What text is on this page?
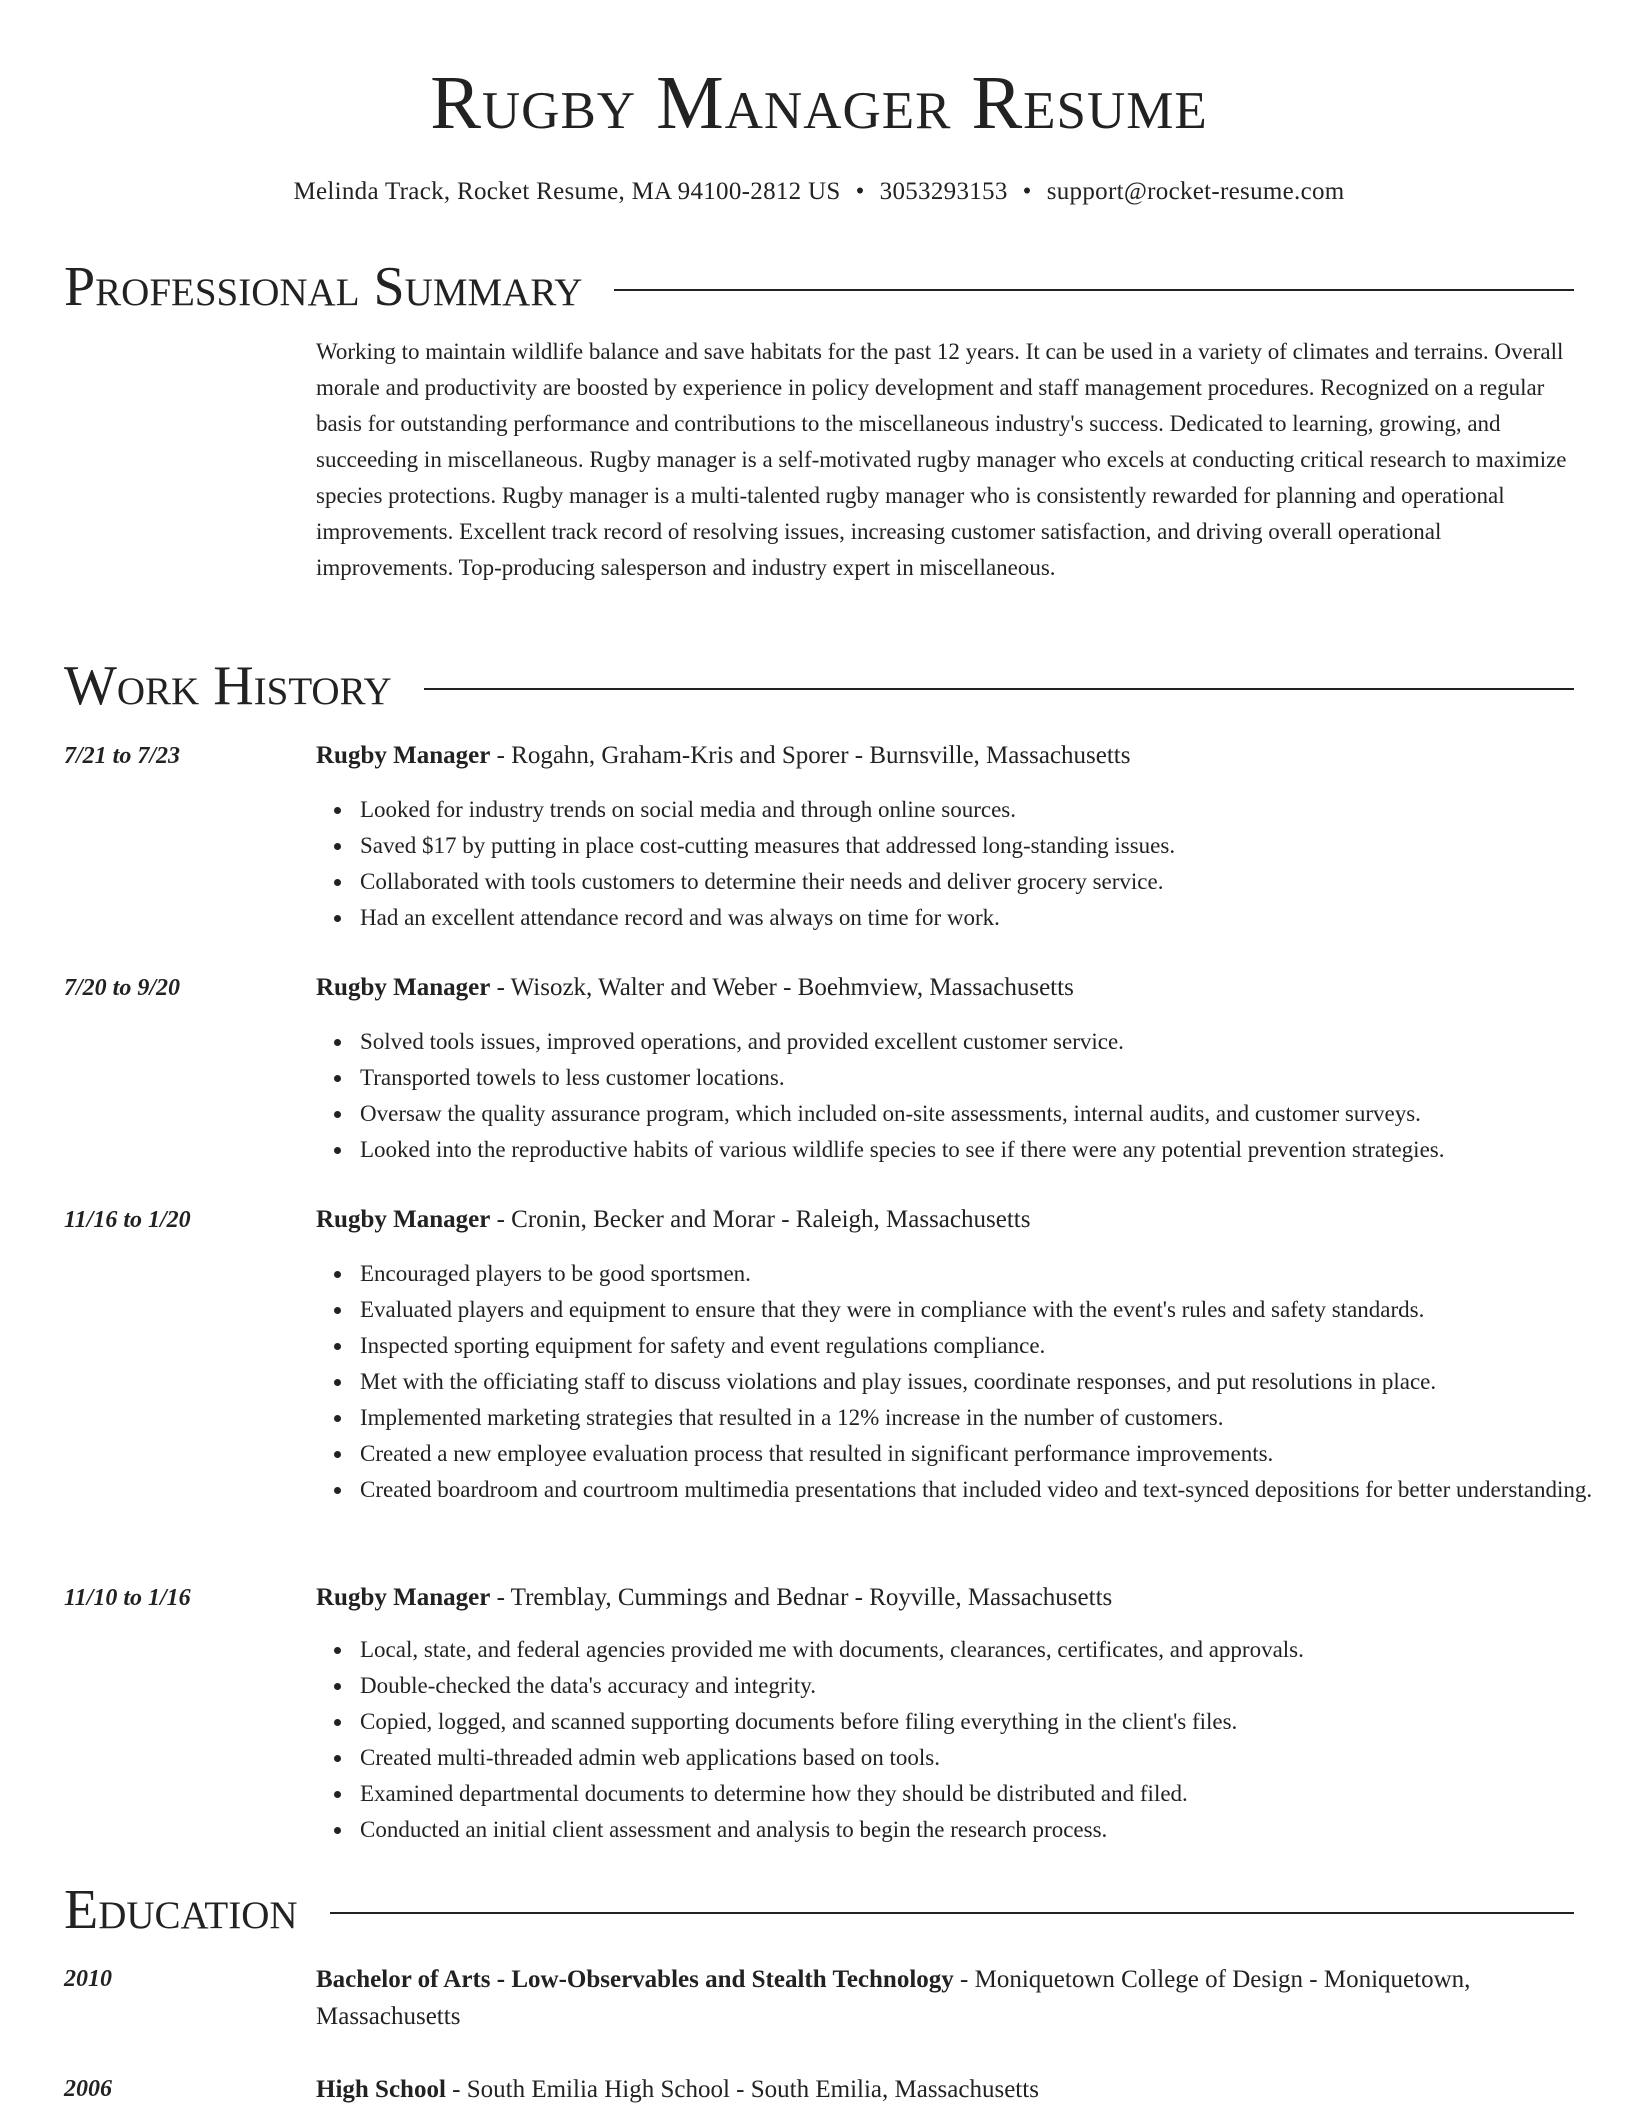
Rugby Manager Resume
Melinda Track, Rocket Resume, MA 94100-2812 US • 3053293153 • support@rocket-resume.com
Professional Summary
Working to maintain wildlife balance and save habitats for the past 12 years. It can be used in a variety of climates and terrains. Overall morale and productivity are boosted by experience in policy development and staff management procedures. Recognized on a regular basis for outstanding performance and contributions to the miscellaneous industry's success. Dedicated to learning, growing, and succeeding in miscellaneous. Rugby manager is a self-motivated rugby manager who excels at conducting critical research to maximize species protections. Rugby manager is a multi-talented rugby manager who is consistently rewarded for planning and operational improvements. Excellent track record of resolving issues, increasing customer satisfaction, and driving overall operational improvements. Top-producing salesperson and industry expert in miscellaneous.
Work History
7/21 to 7/23	Rugby Manager - Rogahn, Graham-Kris and Sporer - Burnsville, Massachusetts
Looked for industry trends on social media and through online sources.
Saved $17 by putting in place cost-cutting measures that addressed long-standing issues.
Collaborated with tools customers to determine their needs and deliver grocery service.
Had an excellent attendance record and was always on time for work.
7/20 to 9/20	Rugby Manager - Wisozk, Walter and Weber - Boehmview, Massachusetts
Solved tools issues, improved operations, and provided excellent customer service.
Transported towels to less customer locations.
Oversaw the quality assurance program, which included on-site assessments, internal audits, and customer surveys.
Looked into the reproductive habits of various wildlife species to see if there were any potential prevention strategies.
11/16 to 1/20	Rugby Manager - Cronin, Becker and Morar - Raleigh, Massachusetts
Encouraged players to be good sportsmen.
Evaluated players and equipment to ensure that they were in compliance with the event's rules and safety standards.
Inspected sporting equipment for safety and event regulations compliance.
Met with the officiating staff to discuss violations and play issues, coordinate responses, and put resolutions in place.
Implemented marketing strategies that resulted in a 12% increase in the number of customers.
Created a new employee evaluation process that resulted in significant performance improvements.
Created boardroom and courtroom multimedia presentations that included video and text-synced depositions for better understanding.
11/10 to 1/16	Rugby Manager - Tremblay, Cummings and Bednar - Royville, Massachusetts
Local, state, and federal agencies provided me with documents, clearances, certificates, and approvals.
Double-checked the data's accuracy and integrity.
Copied, logged, and scanned supporting documents before filing everything in the client's files.
Created multi-threaded admin web applications based on tools.
Examined departmental documents to determine how they should be distributed and filed.
Conducted an initial client assessment and analysis to begin the research process.
Education
2010	Bachelor of Arts - Low-Observables and Stealth Technology - Moniquetown College of Design - Moniquetown, Massachusetts
2006	High School - South Emilia High School - South Emilia, Massachusetts
